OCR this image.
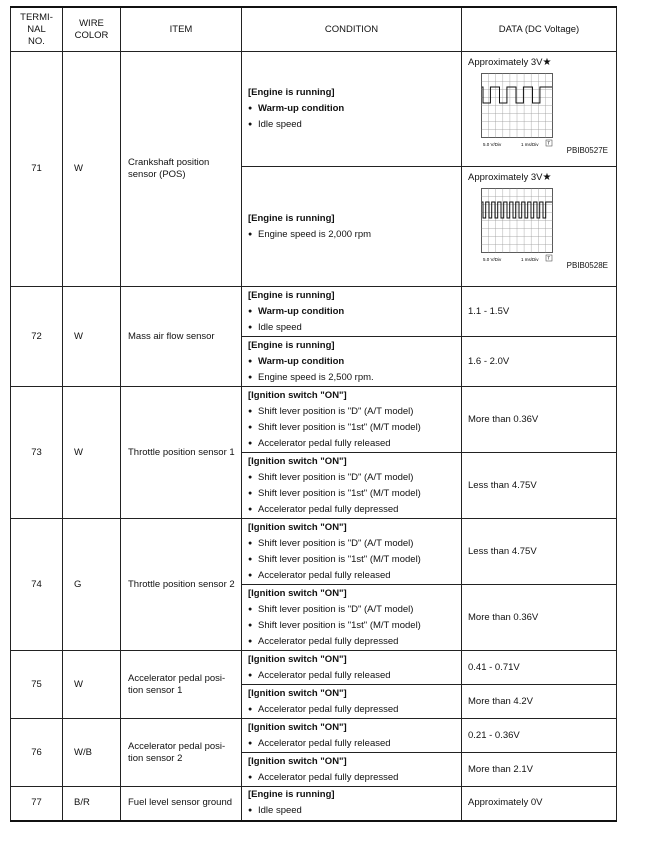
TERMI-
NAL
NO.	WIRE
COLOR	ITEM	CONDITION	DATA (DC Voltage)
71	W	Crankshaft position sensor (POS)	[Engine is running]
● Warm-up condition
● Idle speed	Approximately 3V★
5.0 V/Div 1 ms/Div T
PBIB0527E

			[Engine is running]
● Engine speed is 2,000 rpm	Approximately 3V★
5.0 V/Div 1 ms/Div T
PBIB0528E

72	W	Mass air flow sensor	[Engine is running]
● Warm-up condition
● Idle speed	1.1 - 1.5V

			[Engine is running]
● Warm-up condition
● Engine speed is 2,500 rpm.	1.6 - 2.0V

73	W	Throttle position sensor 1	[Ignition switch "ON"]
● Shift lever position is "D" (A/T model)
● Shift lever position is "1st" (M/T model)
● Accelerator pedal fully released	More than 0.36V

			[Ignition switch "ON"]
● Shift lever position is "D" (A/T model)
● Shift lever position is "1st" (M/T model)
● Accelerator pedal fully depressed	Less than 4.75V

74	G	Throttle position sensor 2	[Ignition switch "ON"]
● Shift lever position is "D" (A/T model)
● Shift lever position is "1st" (M/T model)
● Accelerator pedal fully released	Less than 4.75V

			[Ignition switch "ON"]
● Shift lever position is "D" (A/T model)
● Shift lever position is "1st" (M/T model)
● Accelerator pedal fully depressed	More than 0.36V

75	W	Accelerator pedal posi-tion sensor 1	[Ignition switch "ON"]
● Accelerator pedal fully released	0.41 - 0.71V

			[Ignition switch "ON"]
● Accelerator pedal fully depressed	More than 4.2V

76	W/B	Accelerator pedal posi-tion sensor 2	[Ignition switch "ON"]
● Accelerator pedal fully released	0.21 - 0.36V

			[Ignition switch "ON"]
● Accelerator pedal fully depressed	More than 2.1V

77	B/R	Fuel level sensor ground	[Engine is running]
● Idle speed	Approximately 0V
